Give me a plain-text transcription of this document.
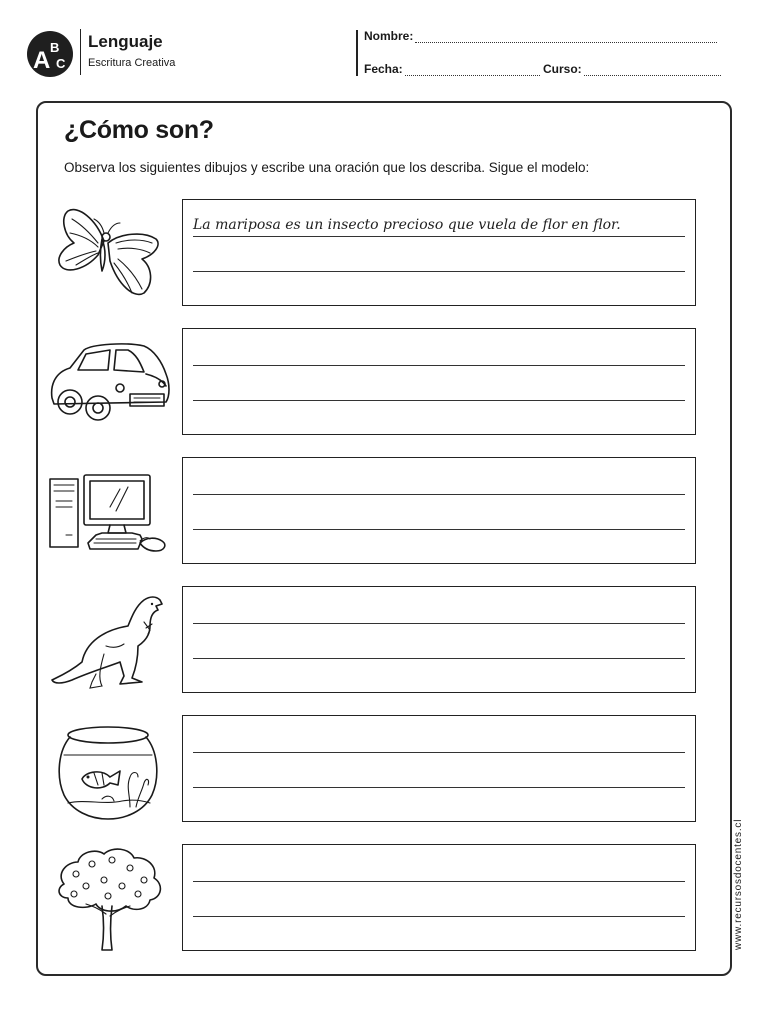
A B
C
Lenguaje
Escritura Creativa
Nombre:
Fecha:	Curso:
¿Cómo son?
Observa los siguientes dibujos y escribe una oración que los describa. Sigue el modelo:
La mariposa es un insecto precioso que vuela de flor en flor.
www.recursosdocentes.cl
